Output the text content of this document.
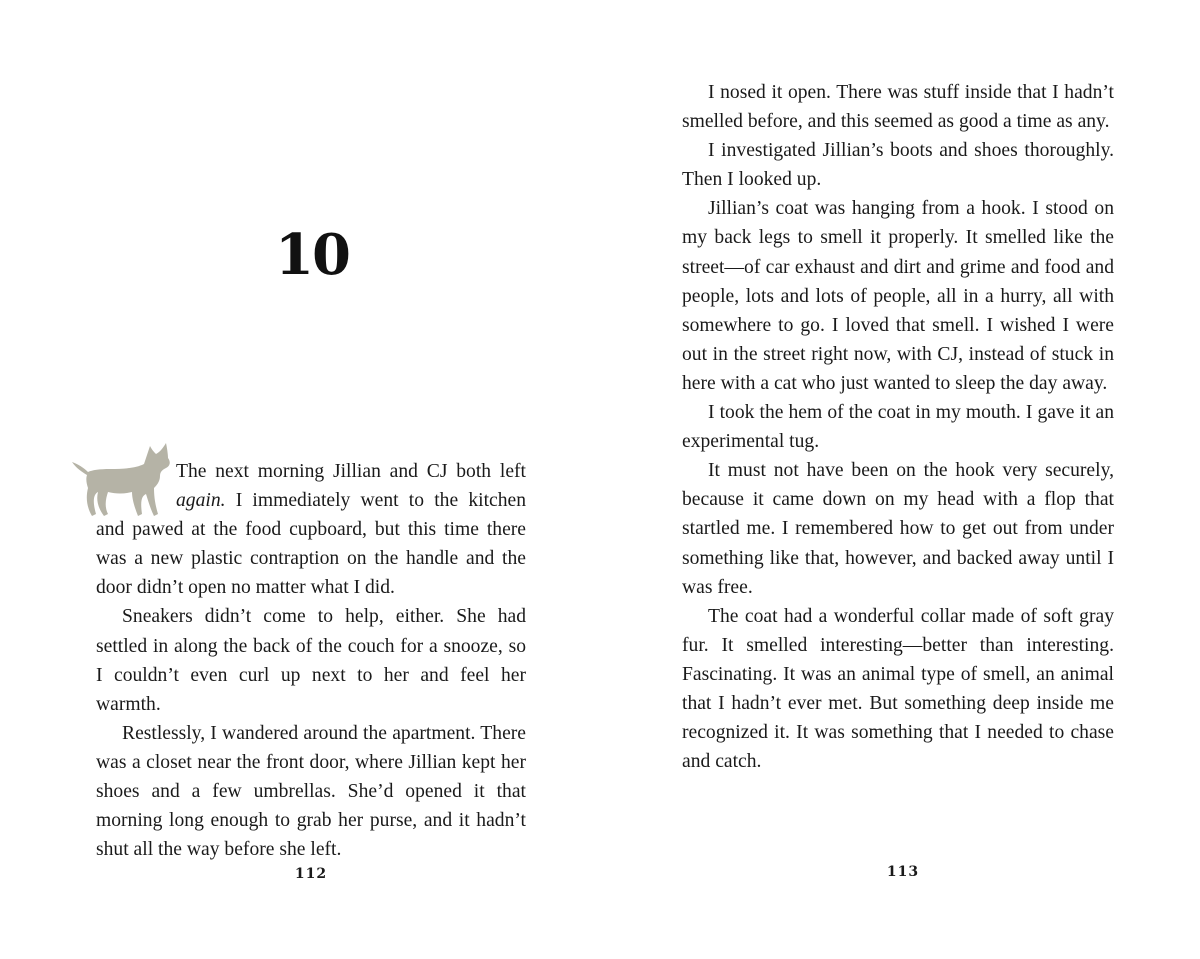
10

The next morning Jillian and CJ both left again. I immediately went to the kitchen and pawed at the food cupboard, but this time there was a new plastic contraption on the handle and the door didn’t open no matter what I did.

Sneakers didn’t come to help, either. She had settled in along the back of the couch for a snooze, so I couldn’t even curl up next to her and feel her warmth.

Restlessly, I wandered around the apartment. There was a closet near the front door, where Jillian kept her shoes and a few umbrellas. She’d opened it that morning long enough to grab her purse, and it hadn’t shut all the way before she left.

112

I nosed it open. There was stuff inside that I hadn’t smelled before, and this seemed as good a time as any.

I investigated Jillian’s boots and shoes thoroughly. Then I looked up.

Jillian’s coat was hanging from a hook. I stood on my back legs to smell it properly. It smelled like the street—of car exhaust and dirt and grime and food and people, lots and lots of people, all in a hurry, all with somewhere to go. I loved that smell. I wished I were out in the street right now, with CJ, instead of stuck in here with a cat who just wanted to sleep the day away.

I took the hem of the coat in my mouth. I gave it an experimental tug.

It must not have been on the hook very securely, because it came down on my head with a flop that startled me. I remembered how to get out from under something like that, however, and backed away until I was free.

The coat had a wonderful collar made of soft gray fur. It smelled interesting—better than interesting. Fascinating. It was an animal type of smell, an animal that I hadn’t ever met. But something deep inside me recognized it. It was something that I needed to chase and catch.

113
